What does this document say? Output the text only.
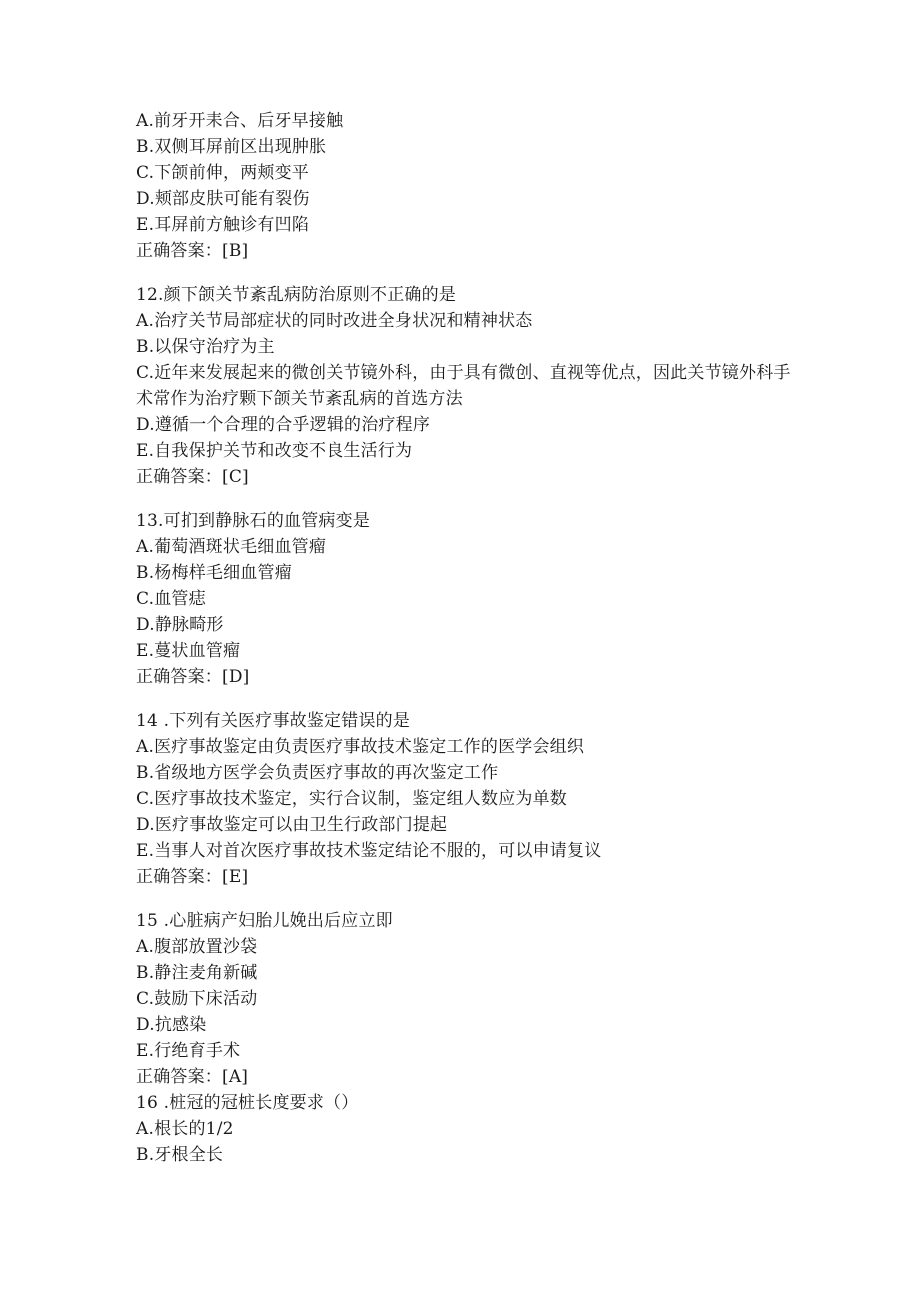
A.前牙开耒合、后牙早接触
B.双侧耳屏前区出现肿胀
C.下颌前伸，两颊变平
D.颊部皮肤可能有裂伤
E.耳屏前方触诊有凹陷
正确答案：[B]
12.颜下颌关节紊乱病防治原则不正确的是
A.治疗关节局部症状的同时改进全身状况和精神状态
B.以保守治疗为主
C.近年来发展起来的微创关节镜外科，由于具有微创、直视等优点，因此关节镜外科手术常作为治疗颗下颌关节紊乱病的首选方法
D.遵循一个合理的合乎逻辑的治疗程序
E.自我保护关节和改变不良生活行为
正确答案：[C]
13.可扪到静脉石的血管病变是
A.葡萄酒斑状毛细血管瘤
B.杨梅样毛细血管瘤
C.血管痣
D.静脉畸形
E.蔓状血管瘤
正确答案：[D]
14 .下列有关医疗事故鉴定错误的是
A.医疗事故鉴定由负责医疗事故技术鉴定工作的医学会组织
B.省级地方医学会负责医疗事故的再次鉴定工作
C.医疗事故技术鉴定，实行合议制，鉴定组人数应为单数
D.医疗事故鉴定可以由卫生行政部门提起
E.当事人对首次医疗事故技术鉴定结论不服的，可以申请复议
正确答案：[E]
15 .心脏病产妇胎儿娩出后应立即
A.腹部放置沙袋
B.静注麦角新碱
C.鼓励下床活动
D.抗感染
E.行绝育手术
正确答案：[A]
16 .桩冠的冠桩长度要求（）
A.根长的1/2
B.牙根全长
